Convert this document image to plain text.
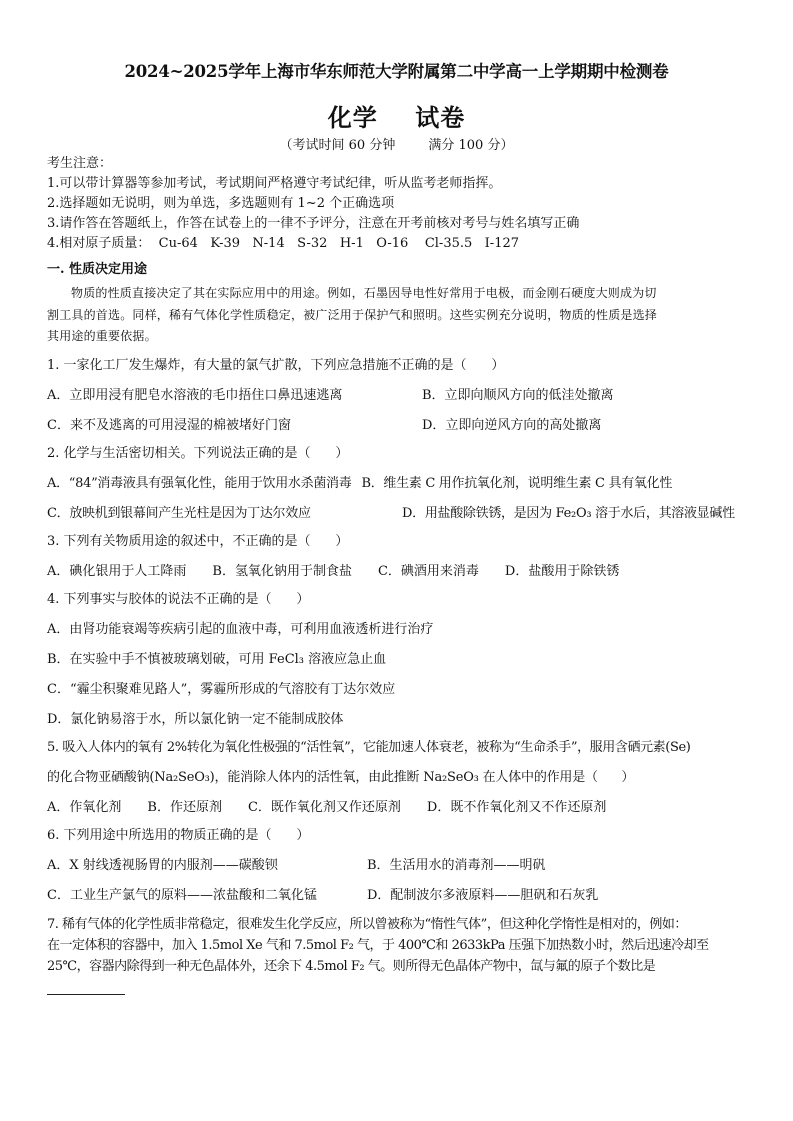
2024~2025学年上海市华东师范大学附属第二中学高一上学期期中检测卷
化学    试卷
（考试时间 60 分钟        满分 100 分）
考生注意：
1.可以带计算器等参加考试，考试期间严格遵守考试纪律，听从监考老师指挥。
2.选择题如无说明，则为单选，多选题则有 1~2 个正确选项
3.请作答在答题纸上，作答在试卷上的一律不予评分，注意在开考前核对考号与姓名填写正确
4.相对原子质量：  Cu-64   K-39   N-14   S-32   H-1   O-16    Cl-35.5   I-127
一. 性质决定用途
物质的性质直接决定了其在实际应用中的用途。例如，石墨因导电性好常用于电极，而金刚石硬度大则成为切
割工具的首选。同样，稀有气体化学性质稳定，被广泛用于保护气和照明。这些实例充分说明，物质的性质是选择
其用途的重要依据。
1. 一家化工厂发生爆炸，有大量的氯气扩散，下列应急措施不正确的是（      ）
A．立即用浸有肥皂水溶液的毛巾捂住口鼻迅速逃离	B．立即向顺风方向的低洼处撤离
C．来不及逃离的可用浸湿的棉被堵好门窗	D．立即向逆风方向的高处撤离
2. 化学与生活密切相关。下列说法正确的是（      ）
A．“84”消毒液具有强氧化性，能用于饮用水杀菌消毒 B．维生素 C 用作抗氧化剂，说明维生素 C 具有氧化性
C．放映机到银幕间产生光柱是因为丁达尔效应	D．用盐酸除铁锈，是因为 Fe₂O₃ 溶于水后，其溶液显碱性
3. 下列有关物质用途的叙述中，不正确的是（      ）
A．碘化银用于人工降雨 B．氢氧化钠用于制食盐 C．碘酒用来消毒 D．盐酸用于除铁锈
4. 下列事实与胶体的说法不正确的是（      ）
A．由肾功能衰竭等疾病引起的血液中毒，可利用血液透析进行治疗
B．在实验中手不慎被玻璃划破，可用 FeCl₃ 溶液应急止血
C．“霾尘积聚难见路人”，雾霾所形成的气溶胶有丁达尔效应
D．氯化钠易溶于水，所以氯化钠一定不能制成胶体
5. 吸入人体内的氧有 2%转化为氧化性极强的“活性氧”，它能加速人体衰老，被称为“生命杀手”，服用含硒元素(Se)
的化合物亚硒酸钠(Na₂SeO₃)，能消除人体内的活性氧，由此推断 Na₂SeO₃ 在人体中的作用是（      ）
A．作氧化剂 B．作还原剂 C．既作氧化剂又作还原剂 D．既不作氧化剂又不作还原剂
6. 下列用途中所选用的物质正确的是（      ）
A．X 射线透视肠胃的内服剂——碳酸钡	B．生活用水的消毒剂——明矾
C．工业生产氯气的原料——浓盐酸和二氧化锰	D．配制波尔多液原料——胆矾和石灰乳
7. 稀有气体的化学性质非常稳定，很难发生化学反应，所以曾被称为“惰性气体”，但这种化学惰性是相对的，例如：
在一定体积的容器中，加入 1.5mol Xe 气和 7.5mol F₂ 气，于 400℃和 2633kPa 压强下加热数小时，然后迅速冷却至
25℃，容器内除得到一种无色晶体外，还余下 4.5mol F₂ 气。则所得无色晶体产物中，氙与氟的原子个数比是
